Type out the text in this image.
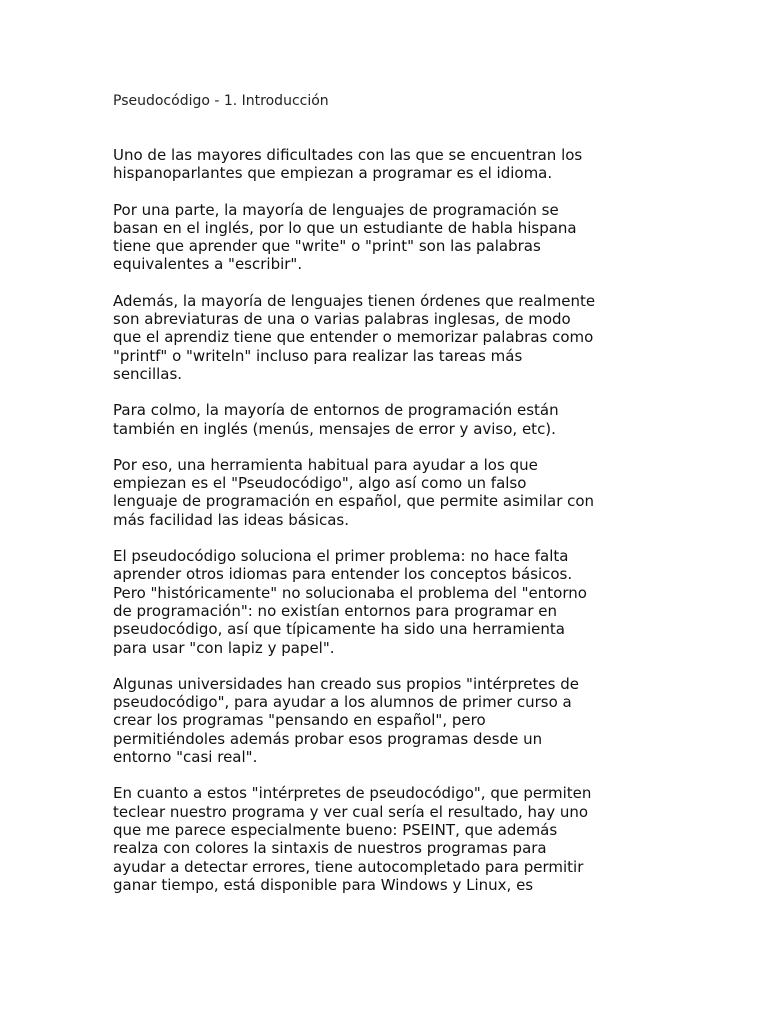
Pseudocódigo - 1. Introducción

Uno de las mayores dificultades con las que se encuentran los
hispanoparlantes que empiezan a programar es el idioma.

Por una parte, la mayoría de lenguajes de programación se
basan en el inglés, por lo que un estudiante de habla hispana
tiene que aprender que "write" o "print" son las palabras
equivalentes a "escribir".

Además, la mayoría de lenguajes tienen órdenes que realmente
son abreviaturas de una o varias palabras inglesas, de modo
que el aprendiz tiene que entender o memorizar palabras como
"printf" o "writeln" incluso para realizar las tareas más
sencillas.

Para colmo, la mayoría de entornos de programación están
también en inglés (menús, mensajes de error y aviso, etc).

Por eso, una herramienta habitual para ayudar a los que
empiezan es el "Pseudocódigo", algo así como un falso
lenguaje de programación en español, que permite asimilar con
más facilidad las ideas básicas.

El pseudocódigo soluciona el primer problema: no hace falta
aprender otros idiomas para entender los conceptos básicos.
Pero "históricamente" no solucionaba el problema del "entorno
de programación": no existían entornos para programar en
pseudocódigo, así que típicamente ha sido una herramienta
para usar "con lapiz y papel".

Algunas universidades han creado sus propios "intérpretes de
pseudocódigo", para ayudar a los alumnos de primer curso a
crear los programas "pensando en español", pero
permitiéndoles además probar esos programas desde un
entorno "casi real".

En cuanto a estos "intérpretes de pseudocódigo", que permiten
teclear nuestro programa y ver cual sería el resultado, hay uno
que me parece especialmente bueno: PSEINT, que además
realza con colores la sintaxis de nuestros programas para
ayudar a detectar errores, tiene autocompletado para permitir
ganar tiempo, está disponible para Windows y Linux, es
